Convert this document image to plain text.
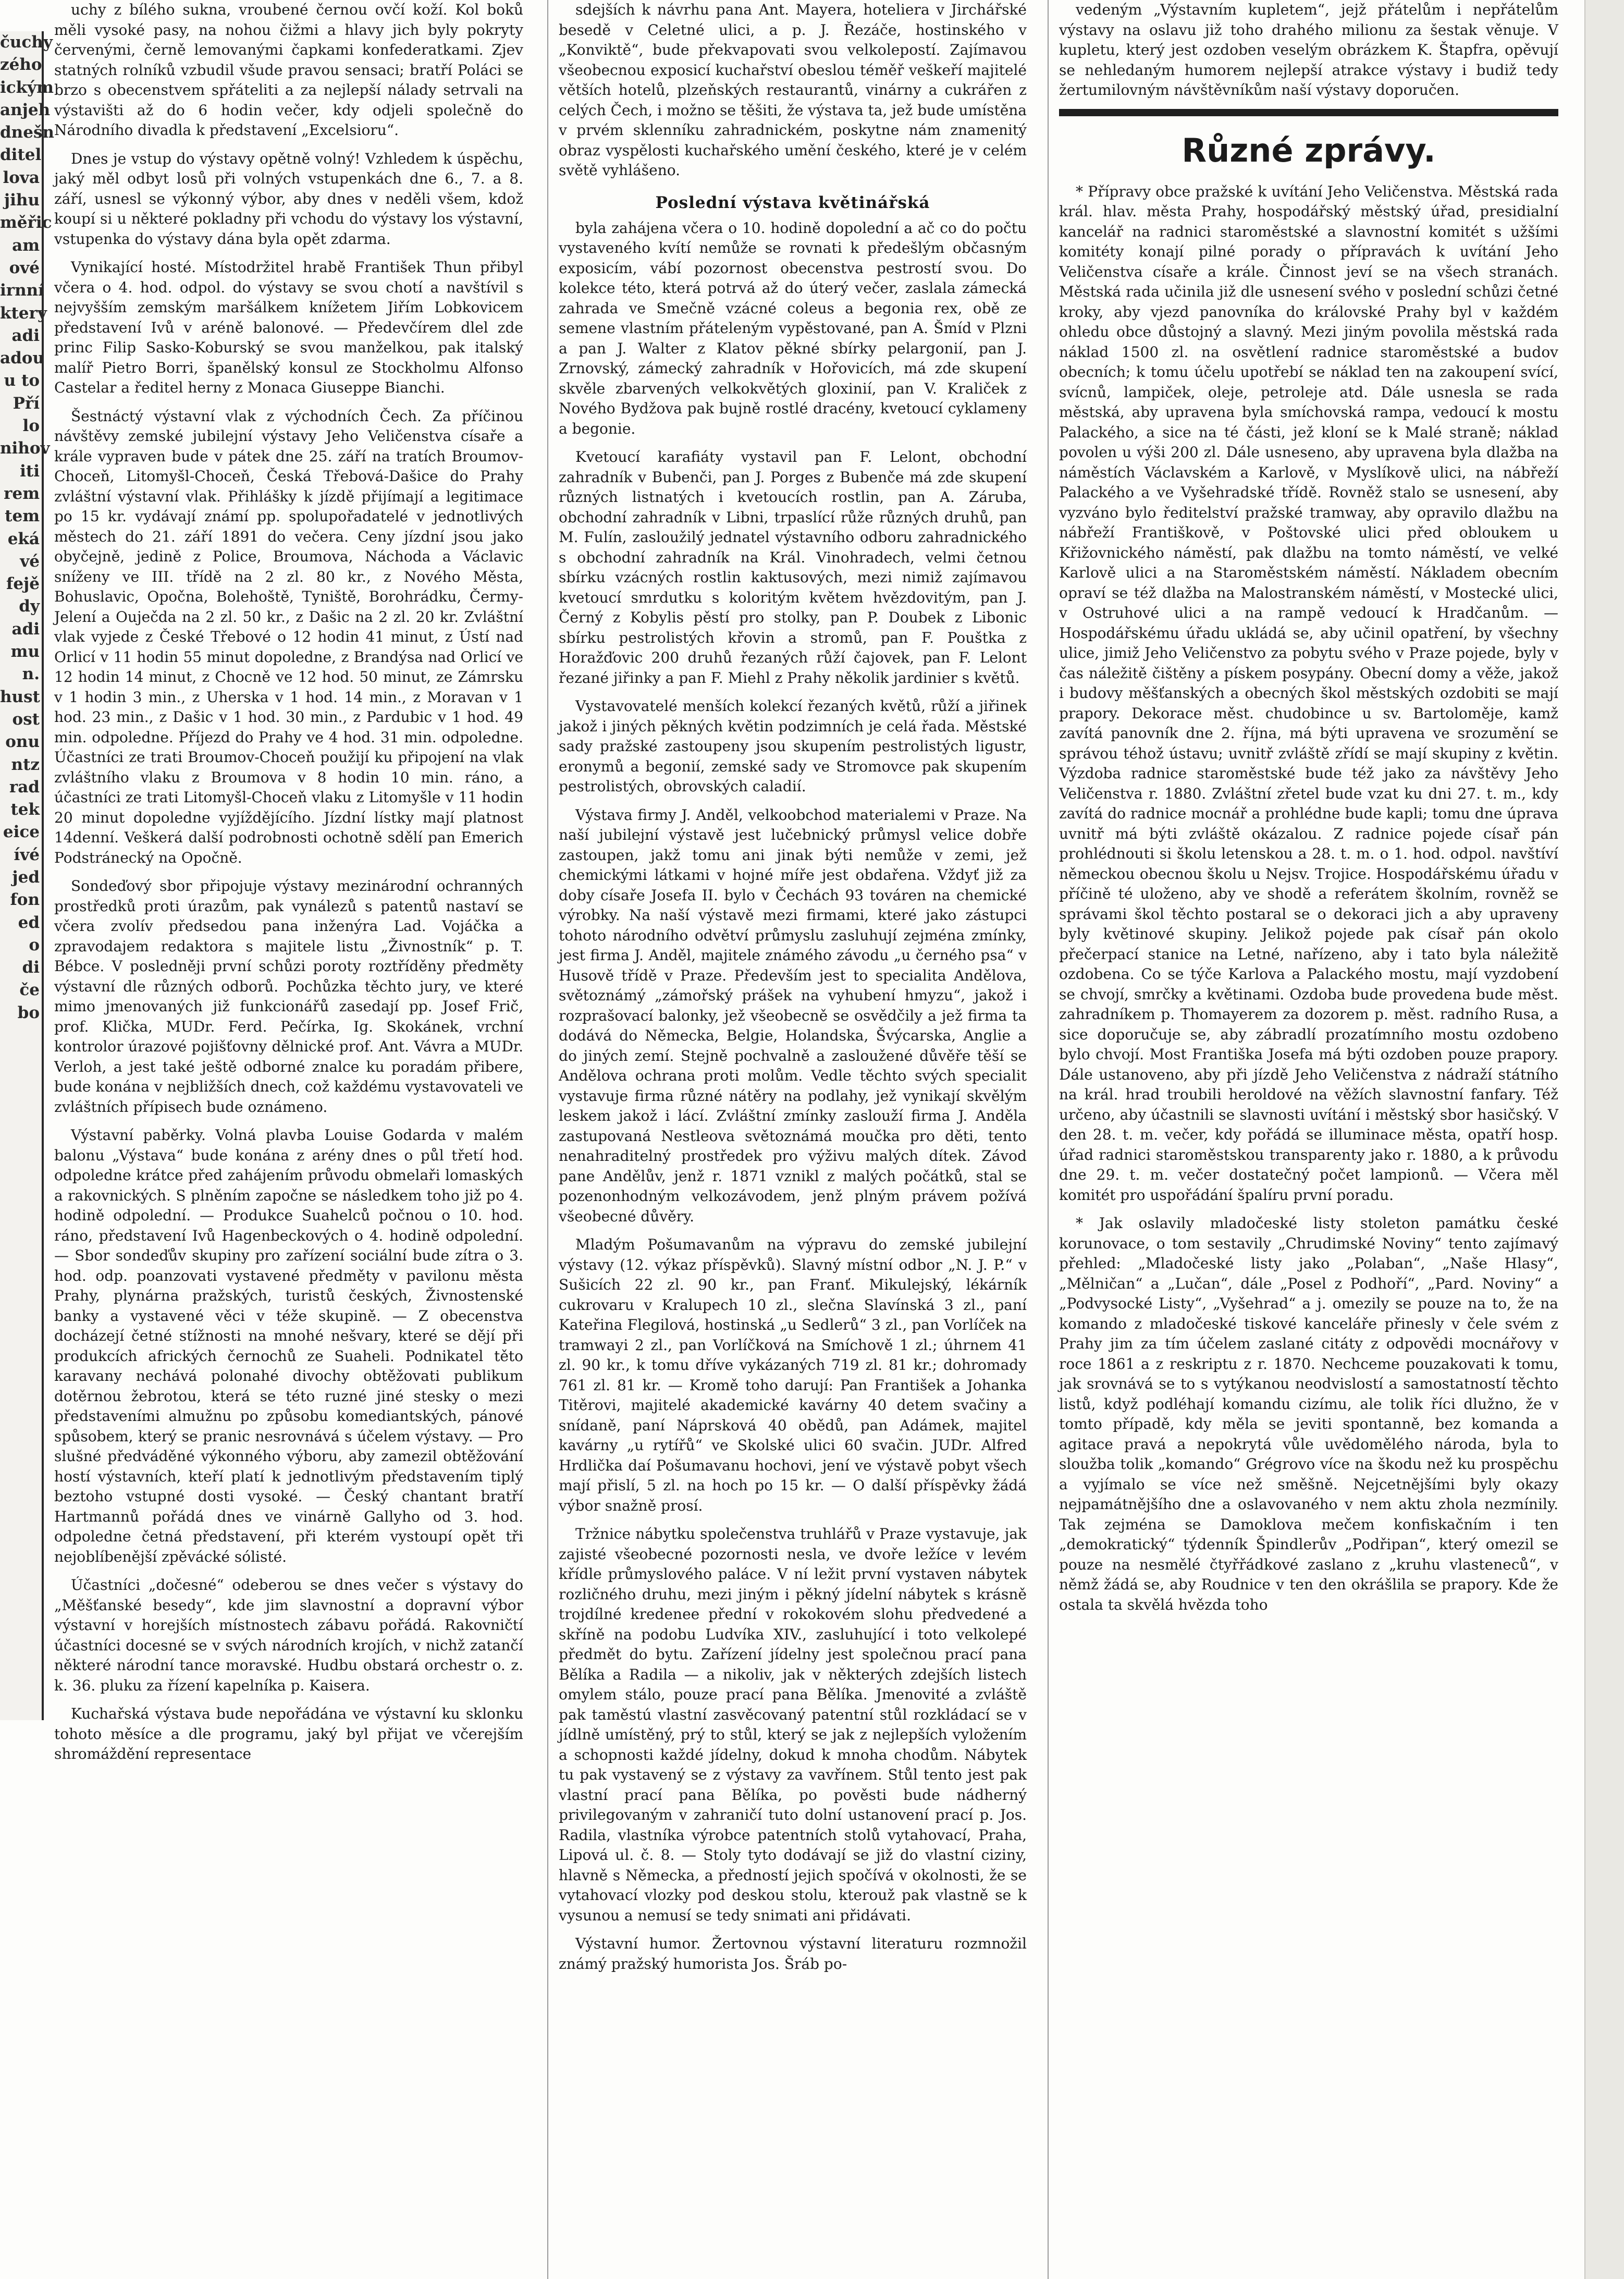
čuchy
zého
ickým
anjeh
dnešn
ditel
lova
jihu
měřic
am
ové
irnní
ktery
adi
adou
u to
Pří
lo
nihov
iti
rem
tem
eká
vé
fejě
dy
adi
mu
n.
hust
ost
onu
ntz
rad
tek
eice
ívé
jed
fon
ed
o
di
če
bo

uchy z bílého sukna, vroubené černou ovčí koží. Kol boků měli vysoké pasy, na nohou čižmi a hlavy jich byly pokryty červenými, černě lemovanými čapkami konfederatkami. Zjev statných rolníků vzbudil všude pravou sensaci; bratří Poláci se brzo s obecenstvem spřáteliti a za nejlepší nálady setrvali na výstavišti až do 6 hodin večer, kdy odjeli společně do Národního divadla k představení „Excelsioru“.

Dnes je vstup do výstavy opětně volný! Vzhledem k úspěchu, jaký měl odbyt losů při volných vstupenkách dne 6., 7. a 8. září, usnesl se výkonný výbor, aby dnes v neděli všem, kdož koupí si u některé pokladny při vchodu do výstavy los výstavní, vstupenka do výstavy dána byla opět zdarma.

Vynikající hosté. Místodržitel hrabě František Thun přibyl včera o 4. hod. odpol. do výstavy se svou chotí a navštívil s nejvyšším zemským maršálkem knížetem Jiřím Lobkovicem představení Ivů v aréně balonové. — Předevčírem dlel zde princ Filip Sasko-Koburský se svou manželkou, pak italský malíř Pietro Borri, španělský konsul ze Stockholmu Alfonso Castelar a ředitel herny z Monaca Giuseppe Bianchi.

Šestnáctý výstavní vlak z východních Čech. Za příčinou návštěvy zemské jubilejní výstavy Jeho Veličenstva císaře a krále vypraven bude v pátek dne 25. září na tratích Broumov-Choceň, Litomyšl-Choceň, Česká Třebová-Dašice do Prahy zvláštní výstavní vlak. Přihlášky k jízdě přijímají a legitimace po 15 kr. vydávají známí pp. spolupořadatelé v jednotlivých městech do 21. září 1891 do večera. Ceny jízdní jsou jako obyčejně, jedině z Police, Broumova, Náchoda a Václavic sníženy ve III. třídě na 2 zl. 80 kr., z Nového Města, Bohuslavic, Opočna, Bolehoště, Tyniště, Borohrádku, Čermy-Jelení a Ouječda na 2 zl. 50 kr., z Dašic na 2 zl. 20 kr. Zvláštní vlak vyjede z České Třebové o 12 hodin 41 minut, z Ústí nad Orlicí v 11 hodin 55 minut dopoledne, z Brandýsa nad Orlicí ve 12 hodin 14 minut, z Chocně ve 12 hod. 50 minut, ze Zámrsku v 1 hodin 3 min., z Uherska v 1 hod. 14 min., z Moravan v 1 hod. 23 min., z Dašic v 1 hod. 30 min., z Pardubic v 1 hod. 49 min. odpoledne. Příjezd do Prahy ve 4 hod. 31 min. odpoledne. Účastníci ze trati Broumov-Choceň použijí ku připojení na vlak zvláštního vlaku z Broumova v 8 hodin 10 min. ráno, a účastníci ze trati Litomyšl-Choceň vlaku z Litomyšle v 11 hodin 20 minut dopoledne vyjíždějícího. Jízdní lístky mají platnost 14denní. Veškerá další podrobnosti ochotně sdělí pan Emerich Podstránecký na Opočně.

Sondeďový sbor připojuje výstavy mezinárodní ochranných prostředků proti úrazům, pak vynálezů s patentů nastaví se včera zvolív předsedou pana inženýra Lad. Vojáčka a zpravodajem redaktora s majitele listu „Živnostník“ p. T. Bébce. V posledněji první schůzi poroty roztříděny předměty výstavní dle různých odborů. Pochůzka těchto jury, ve které mimo jmenovaných již funkcionářů zasedají pp. Josef Frič, prof. Klička, MUDr. Ferd. Pečírka, Ig. Skokánek, vrchní kontrolor úrazové pojišťovny dělnické prof. Ant. Vávra a MUDr. Verloh, a jest také ještě odborné znalce ku poradám přibere, bude konána v nejbližších dnech, což každému vystavovateli ve zvláštních přípisech bude oznámeno.

Výstavní paběrky. Volná plavba Louise Godarda v malém balonu „Výstava“ bude konána z arény dnes o půl třetí hod. odpoledne krátce před zahájením průvodu obmelaři lomaských a rakovnických. S plněním započne se následkem toho již po 4. hodině odpolední. — Produkce Suahelců počnou o 10. hod. ráno, představení Ivů Hagenbeckových o 4. hodině odpolední. — Sbor sondeďův skupiny pro zařízení sociální bude zítra o 3. hod. odp. poanzovati vystavené předměty v pavilonu města Prahy, plynárna pražských, turistů českých, Živnostenské banky a vystavené věci v téže skupině. — Z obecenstva docházejí četné stížnosti na mnohé nešvary, které se dějí při produkcích afrických černochů ze Suaheli. Podnikatel těto karavany nechává polonahé divochy obtěžovati publikum dotěrnou žebrotou, která se této ruzné jiné stesky o mezi představeními almužnu po způsobu komediantských, pánové spůsobem, který se pranic nesrovnává s účelem výstavy. — Pro slušné předváděné výkonného výboru, aby zamezil obtěžování hostí výstavních, kteří platí k jednotlivým představením tiplý beztoho vstupné dosti vysoké. — Český chantant bratří Hartmannů pořádá dnes ve vinárně Gallyho od 3. hod. odpoledne četná představení, při kterém vystoupí opět tři nejoblíbenější zpěvácké sólisté.

Účastníci „dočesné“ odeberou se dnes večer s výstavy do „Měšťanské besedy“, kde jim slavnostní a dopravní výbor výstavní v horejších místnostech zábavu pořádá. Rakovničtí účastníci docesné se v svých národních krojích, v nichž zatančí některé národní tance moravské. Hudbu obstará orchestr o. z. k. 36. pluku za řízení kapelníka p. Kaisera.

Kuchařská výstava bude nepořádána ve výstavní ku sklonku tohoto měsíce a dle programu, jaký byl přijat ve včerejším shromáždění representace

sdejších k návrhu pana Ant. Mayera, hoteliera v Jirchářské besedě v Celetné ulici, a p. J. Řezáče, hostinského v „Konviktě“, bude překvapovati svou velkolepostí. Zajímavou všeobecnou exposicí kuchařství obeslou téměř veškeří majitelé větších hotelů, plzeňských restaurantů, vinárny a cukrářen z celých Čech, i možno se těšiti, že výstava ta, jež bude umístěna v prvém sklenníku zahradnickém, poskytne nám znamenitý obraz vyspělosti kuchařského umění českého, které je v celém světě vyhlášeno.

Poslední výstava květinářská

byla zahájena včera o 10. hodině dopolední a ač co do počtu vystaveného kvítí nemůže se rovnati k předešlým občasným exposicím, vábí pozornost obecenstva pestrostí svou. Do kolekce této, která potrvá až do úterý večer, zaslala zámecká zahrada ve Smečně vzácné coleus a begonia rex, obě ze semene vlastním přáteleným vypěstované, pan A. Šmíd v Plzni a pan J. Walter z Klatov pěkné sbírky pelargonií, pan J. Zrnovský, zámecký zahradník v Hořovicích, má zde skupení skvěle zbarvených velkokvětých gloxinií, pan V. Kraliček z Nového Bydžova pak bujně rostlé dracény, kvetoucí cyklameny a begonie.

Kvetoucí karafiáty vystavil pan F. Lelont, obchodní zahradník v Bubenči, pan J. Porges z Bubenče má zde skupení různých listnatých i kvetoucích rostlin, pan A. Záruba, obchodní zahradník v Libni, trpaslící růže různých druhů, pan M. Fulín, zasloužilý jednatel výstavního odboru zahradnického s obchodní zahradník na Král. Vinohradech, velmi četnou sbírku vzácných rostlin kaktusových, mezi nimiž zajímavou kvetoucí smrdutku s koloritým květem hvězdovitým, pan J. Černý z Kobylis pěstí pro stolky, pan P. Doubek z Libonic sbírku pestrolistých křovin a stromů, pan F. Pouštka z Horažďovic 200 druhů řezaných růží čajovek, pan F. Lelont řezané jiřinky a pan F. Miehl z Prahy několik jardinier s květů.

Vystavovatelé menších kolekcí řezaných květů, růží a jiřinek jakož i jiných pěkných květin podzimních je celá řada. Městské sady pražské zastoupeny jsou skupením pestrolistých ligustr, eronymů a begonií, zemské sady ve Stromovce pak skupením pestrolistých, obrovských caladií.

Výstava firmy J. Anděl, velkoobchod materialemi v Praze. Na naší jubilejní výstavě jest lučebnický průmysl velice dobře zastoupen, jakž tomu ani jinak býti nemůže v zemi, jež chemickými látkami v hojné míře jest obdařena. Vždyť již za doby císaře Josefa II. bylo v Čechách 93 továren na chemické výrobky. Na naší výstavě mezi firmami, které jako zástupci tohoto národního odvětví průmyslu zasluhují zejména zmínky, jest firma J. Anděl, majitele známého závodu „u černého psa“ v Husově třídě v Praze. Především jest to specialita Andělova, světoznámý „zámořský prášek na vyhubení hmyzu“, jakož i rozprašovací balonky, jež všeobecně se osvědčily a jež firma ta dodává do Německa, Belgie, Holandska, Švýcarska, Anglie a do jiných zemí. Stejně pochvalně a zasloužené důvěře těší se Andělova ochrana proti molům. Vedle těchto svých specialit vystavuje firma různé nátěry na podlahy, jež vynikají skvělým leskem jakož i lácí. Zvláštní zmínky zaslouží firma J. Anděla zastupovaná Nestleova světoznámá moučka pro děti, tento nenahraditelný prostředek pro výživu malých dítek. Závod pane Andělův, jenž r. 1871 vznikl z malých počátků, stal se pozenonhodným velkozávodem, jenž plným právem požívá všeobecné důvěry.

Mladým Pošumavanům na výpravu do zemské jubilejní výstavy (12. výkaz příspěvků). Slavný místní odbor „N. J. P.“ v Sušicích 22 zl. 90 kr., pan Franť. Mikulejský, lékárník cukrovaru v Kralupech 10 zl., slečna Slavínská 3 zl., paní Kateřina Flegilová, hostinská „u Sedlerů“ 3 zl., pan Vorlíček na tramwayi 2 zl., pan Vorlíčková na Smíchově 1 zl.; úhrnem 41 zl. 90 kr., k tomu dříve vykázaných 719 zl. 81 kr.; dohromady 761 zl. 81 kr. — Kromě toho darují: Pan František a Johanka Titěrovi, majitelé akademické kavárny 40 detem svačiny a snídaně, paní Náprsková 40 obědů, pan Adámek, majitel kavárny „u rytířů“ ve Skolské ulici 60 svačin. JUDr. Alfred Hrdlička daí Pošumavanu hochovi, jení ve výstavě pobyt všech mají přislí, 5 zl. na hoch po 15 kr. — O další příspěvky žádá výbor snažně prosí.

Tržnice nábytku společenstva truhlářů v Praze vystavuje, jak zajisté všeobecné pozornosti nesla, ve dvoře ležíce v levém křídle průmyslového paláce. V ní ležit první vystaven nábytek rozličného druhu, mezi jiným i pěkný jídelní nábytek s krásně trojdílné kredenee přední v rokokovém slohu předvedené a skříně na podobu Ludvíka XIV., zasluhující i toto velkolepé předmět do bytu. Zařízení jídelny jest společnou prací pana Bělíka a Radila — a nikoliv, jak v některých zdejších listech omylem stálo, pouze prací pana Bělíka. Jmenovité a zvláště pak taměstú vlastní zasvěcovaný patentní stůl rozkládací se v jídlně umístěný, prý to stůl, který se jak z nejlepších vyložením a schopnosti každé jídelny, dokud k mnoha chodům. Nábytek tu pak vystavený se z výstavy za vavřínem. Stůl tento jest pak vlastní prací pana Bělíka, po pověsti bude nádherný privilegovaným v zahraničí tuto dolní ustanovení prací p. Jos. Radila, vlastníka výrobce patentních stolů vytahovací, Praha, Lipová ul. č. 8. — Stoly tyto dodávají se již do vlastní ciziny, hlavně s Německa, a předností jejich spočívá v okolnosti, že se vytahovací vlozky pod deskou stolu, kterouž pak vlastně se k vysunou a nemusí se tedy snimati ani přidávati.

Výstavní humor. Žertovnou výstavní literaturu rozmnožil známý pražský humorista Jos. Šráb po-

vedeným „Výstavním kupletem“, jejž přátelům i nepřátelům výstavy na oslavu již toho drahého milionu za šestak věnuje. V kupletu, který jest ozdoben veselým obrázkem K. Štapfra, opěvují se nehledaným humorem nejlepší atrakce výstavy i budiž tedy žertumilovným návštěvníkům naší výstavy doporučen.

Různé zprávy.

* Přípravy obce pražské k uvítání Jeho Veličenstva. Městská rada král. hlav. města Prahy, hospodářský městský úřad, presidialní kancelář na radnici staroměstské a slavnostní komitét s užšími komitéty konají pilné porady o přípravách k uvítání Jeho Veličenstva císaře a krále. Činnost jeví se na všech stranách. Městská rada učinila již dle usnesení svého v poslední schůzi četné kroky, aby vjezd panovníka do královské Prahy byl v každém ohledu obce důstojný a slavný. Mezi jiným povolila městská rada náklad 1500 zl. na osvětlení radnice staroměstské a budov obecních; k tomu účelu upotřebí se náklad ten na zakoupení svící, svícnů, lampiček, oleje, petroleje atd. Dále usnesla se rada městská, aby upravena byla smíchovská rampa, vedoucí k mostu Palackého, a sice na té části, jež kloní se k Malé straně; náklad povolen u výši 200 zl. Dále usneseno, aby upravena byla dlažba na náměstích Václavském a Karlově, v Myslíkově ulici, na nábřeží Palackého a ve Vyšehradské třídě. Rovněž stalo se usnesení, aby vyzváno bylo ředitelství pražské tramway, aby opravilo dlažbu na nábřeží Františkově, v Poštovské ulici před obloukem u Křižovnického náměstí, pak dlažbu na tomto náměstí, ve velké Karlově ulici a na Staroměstském náměstí. Nákladem obecním opraví se též dlažba na Malostranském náměstí, v Mostecké ulici, v Ostruhové ulici a na rampě vedoucí k Hradčanům. — Hospodářskému úřadu ukládá se, aby učinil opatření, by všechny ulice, jimiž Jeho Veličenstvo za pobytu svého v Praze pojede, byly v čas náležitě čištěny a pískem posypány. Obecní domy a věže, jakož i budovy měšťanských a obecných škol městských ozdobiti se mají prapory. Dekorace měst. chudobince u sv. Bartoloměje, kamž zavítá panovník dne 2. října, má býti upravena ve srozumění se správou téhož ústavu; uvnitř zvláště zřídí se mají skupiny z květin. Výzdoba radnice staroměstské bude též jako za návštěvy Jeho Veličenstva r. 1880. Zvláštní zřetel bude vzat ku dni 27. t. m., kdy zavítá do radnice mocnář a prohlédne bude kapli; tomu dne úprava uvnitř má býti zvláště okázalou. Z radnice pojede císař pán prohlédnouti si školu letenskou a 28. t. m. o 1. hod. odpol. navštíví německou obecnou školu u Nejsv. Trojice. Hospodářskému úřadu v příčině té uloženo, aby ve shodě a referátem školním, rovněž se správami škol těchto postaral se o dekoraci jich a aby upraveny byly květinové skupiny. Jelikož pojede pak císař pán okolo přečerpací stanice na Letné, nařízeno, aby i tato byla náležitě ozdobena. Co se týče Karlova a Palackého mostu, mají vyzdobení se chvojí, smrčky a květinami. Ozdoba bude provedena bude měst. zahradníkem p. Thomayerem za dozorem p. měst. radního Rusa, a sice doporučuje se, aby zábradlí prozatímního mostu ozdobeno bylo chvojí. Most Františka Josefa má býti ozdoben pouze prapory. Dále ustanoveno, aby při jízdě Jeho Veličenstva z nádraží státního na král. hrad troubili heroldové na věžích slavnostní fanfary. Též určeno, aby účastnili se slavnosti uvítání i městský sbor hasičský. V den 28. t. m. večer, kdy pořádá se illuminace města, opatří hosp. úřad radnici staroměstskou transparenty jako r. 1880, a k průvodu dne 29. t. m. večer dostatečný počet lampionů. — Včera měl komitét pro uspořádání špalíru první poradu.

* Jak oslavily mladočeské listy stoleton památku české korunovace, o tom sestavily „Chrudimské Noviny“ tento zajímavý přehled: „Mladočeské listy jako „Polaban“, „Naše Hlasy“, „Mělničan“ a „Lučan“, dále „Posel z Podhoří“, „Pard. Noviny“ a „Podvysocké Listy“, „Vyšehrad“ a j. omezily se pouze na to, že na komando z mladočeské tiskové kanceláře přinesly v čele svém z Prahy jim za tím účelem zaslané citáty z odpovědi mocnářovy v roce 1861 a z reskriptu z r. 1870. Nechceme pouzakovati k tomu, jak srovnává se to s vytýkanou neodvislostí a samostatností těchto listů, když podléhají komandu cizímu, ale tolik říci dlužno, že v tomto případě, kdy měla se jeviti spontanně, bez komanda a agitace pravá a nepokrytá vůle uvědomělého národa, byla to sloužba tolik „komando“ Grégrovo více na škodu než ku prospěchu a vyjímalo se více než směšně. Nejcetnějšími byly okazy nejpamátnějšího dne a oslavovaného v nem aktu zhola nezmínily. Tak zejména se Damoklova mečem konfiskačním i ten „demokratický“ týdenník Špindlerův „Podřipan“, který omezil se pouze na nesmělé čtyřřádkové zaslano z „kruhu vlasteneců“, v němž žádá se, aby Roudnice v ten den okrášlila se prapory. Kde že ostala ta skvělá hvězda toho
